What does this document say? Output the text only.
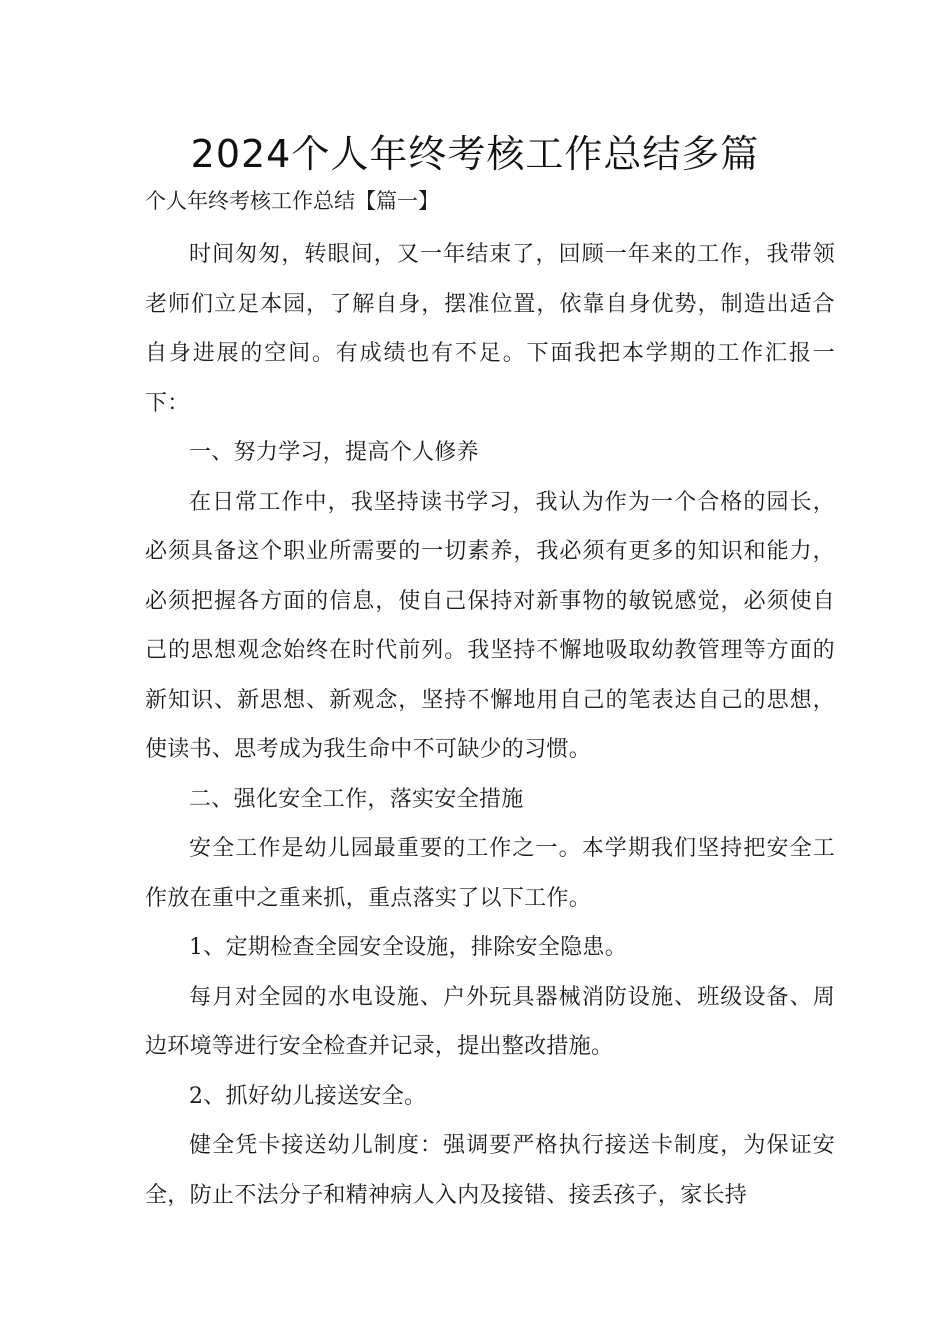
2024个人年终考核工作总结多篇
个人年终考核工作总结【篇一】

时间匆匆，转眼间，又一年结束了，回顾一年来的工作，我带领老师们立足本园，了解自身，摆准位置，依靠自身优势，制造出适合自身进展的空间。有成绩也有不足。下面我把本学期的工作汇报一下：

一、努力学习，提高个人修养

在日常工作中，我坚持读书学习，我认为作为一个合格的园长，必须具备这个职业所需要的一切素养，我必须有更多的知识和能力，必须把握各方面的信息，使自己保持对新事物的敏锐感觉，必须使自己的思想观念始终在时代前列。我坚持不懈地吸取幼教管理等方面的新知识、新思想、新观念，坚持不懈地用自己的笔表达自己的思想，使读书、思考成为我生命中不可缺少的习惯。

二、强化安全工作，落实安全措施

安全工作是幼儿园最重要的工作之一。本学期我们坚持把安全工作放在重中之重来抓，重点落实了以下工作。

1、定期检查全园安全设施，排除安全隐患。

每月对全园的水电设施、户外玩具器械消防设施、班级设备、周边环境等进行安全检查并记录，提出整改措施。

2、抓好幼儿接送安全。

健全凭卡接送幼儿制度：强调要严格执行接送卡制度，为保证安全，防止不法分子和精神病人入内及接错、接丢孩子，家长持
